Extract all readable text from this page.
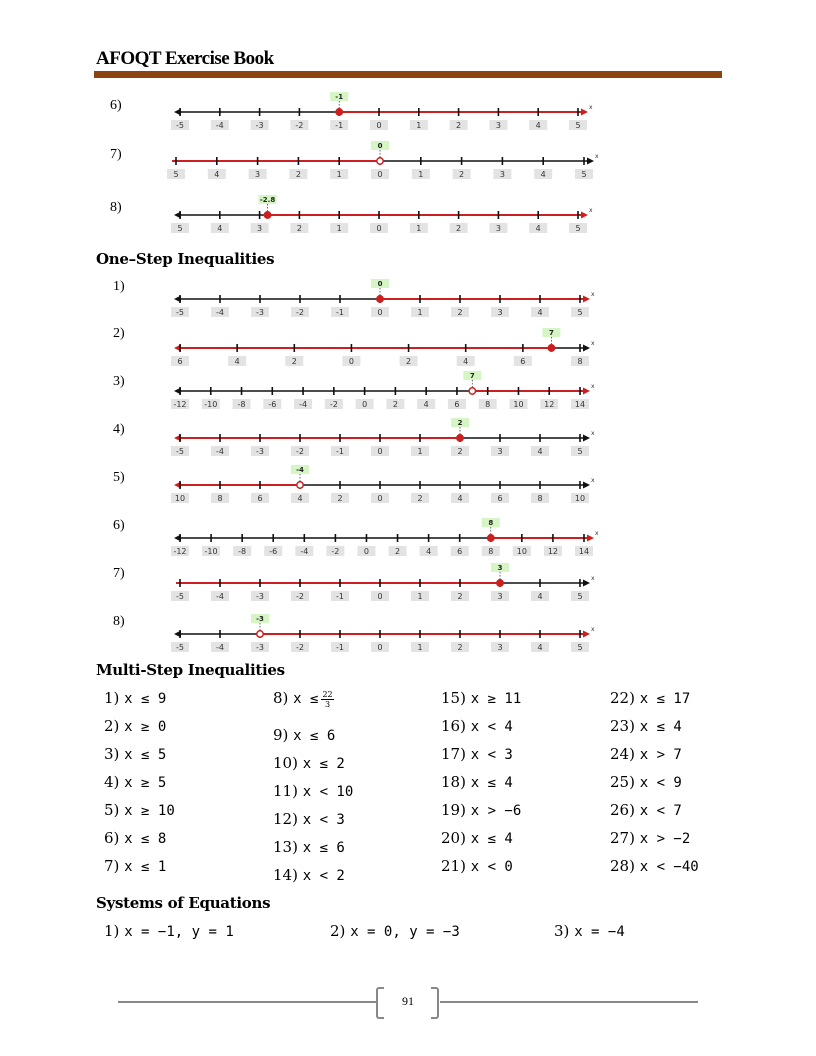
AFOQT Exercise Book
6)
7)
8)
One–Step Inequalities
1)
2)
3)
4)
5)
6)
7)
8)
x
-5	-4	-3	-2	-1	0	1	2	3	4	5
-1
x
5	4	3	2	1	0	1	2	3	4	5
0
x
5	4	3	2	1	0	1	2	3	4	5
-2.8
x
-5	-4	-3	-2	-1	0	1	2	3	4	5
0
x
6	4	2	0	2	4	6	8
7
x
-12 -10	-8	-6	-4	-2	0	2	4	6	8	10	12	14
7
x
-5	-4	-3	-2	-1	0	1	2	3	4	5
2
x
10	8	6	4	2	0	2	4	6	8	10
-4
x
-12 -10	-8	-6	-4	-2	0	2	4	6	8	10	12	14
8
x
-5	-4	-3	-2	-1	0	1	2	3	4	5
3
x
-5	-4	-3	-2	-1	0	1	2	3	4	5
-3
Multi-Step Inequalities
1) x ≤ 9
2) x ≥ 0
3) x ≤ 5
4) x ≥ 5
5) x ≥ 10
6) x ≤ 8
7) x ≤ 1
8) $x \le \frac{22}{3}$
9) x ≤ 6
10) x ≤ 2
11) x < 10
12) x < 3
13) x ≤ 6
14) x < 2
15) x ≥ 11
16) x < 4
17) x < 3
18) x ≤ 4
19) x > −6
20) x ≤ 4
21) x < 0
22) x ≤ 17
23) x ≤ 4
24) x > 7
25) x < 9
26) x < 7
27) x > −2
28) x < −40
Systems of Equations
1) x = −1, y = 1	2) x = 0, y = −3	3) x = −4
91
